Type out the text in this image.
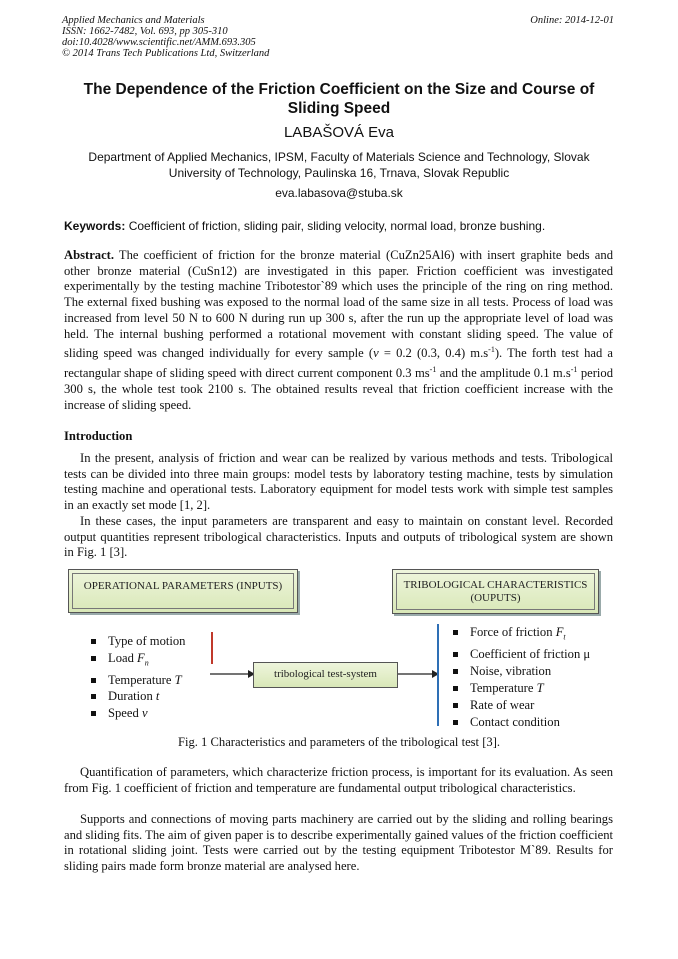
Applied Mechanics and Materials
ISSN: 1662-7482, Vol. 693, pp 305-310
doi:10.4028/www.scientific.net/AMM.693.305
© 2014 Trans Tech Publications Ltd, Switzerland
Online: 2014-12-01
The Dependence of the Friction Coefficient on the Size and Course of Sliding Speed
LABAŠOVÁ Eva
Department of Applied Mechanics, IPSM, Faculty of Materials Science and Technology, Slovak University of Technology, Paulinska 16, Trnava, Slovak Republic
eva.labasova@stuba.sk
Keywords: Coefficient of friction, sliding pair, sliding velocity, normal load, bronze bushing.
Abstract. The coefficient of friction for the bronze material (CuZn25Al6) with insert graphite beds and other bronze material (CuSn12) are investigated in this paper. Friction coefficient was investigated experimentally by the testing machine Tribotestor`89 which uses the principle of the ring on ring method. The external fixed bushing was exposed to the normal load of the same size in all tests. Process of load was increased from level 50 N to 600 N during run up 300 s, after the run up the appropriate level of load was held. The internal bushing performed a rotational movement with constant sliding speed. The value of sliding speed was changed individually for every sample (v = 0.2 (0.3, 0.4) $m.s^{-1}$). The forth test had a rectangular shape of sliding speed with direct current component 0.3 $ms^{-1}$ and the amplitude 0.1 $m.s^{-1}$ period 300 s, the whole test took 2100 s. The obtained results reveal that friction coefficient increase with the increase of sliding speed.
Introduction
In the present, analysis of friction and wear can be realized by various methods and tests. Tribological tests can be divided into three main groups: model tests by laboratory testing machine, tests by simulation testing machine and operational tests. Laboratory equipment for model tests work with simple test samples in an exactly set mode [1, 2].
In these cases, the input parameters are transparent and easy to maintain on constant level. Recorded output quantities represent tribological characteristics. Inputs and outputs of tribological system are shown in Fig. 1 [3].
OPERATIONAL PARAMETERS (INPUTS)	TRIBOLOGICAL CHARACTERISTICS
(OUPUTS)
Type of motion
Load $F_n$
Temperature T
Duration t
Speed v
tribological test-system
Force of friction $F_t$
Coefficient of friction μ
Noise, vibration
Temperature T
Rate of wear
Contact condition
Fig. 1 Characteristics and parameters of the tribological test [3].
Quantification of parameters, which characterize friction process, is important for its evaluation. As seen from Fig. 1 coefficient of friction and temperature are fundamental output tribological characteristics.
Supports and connections of moving parts machinery are carried out by the sliding and rolling bearings and sliding fits. The aim of given paper is to describe experimentally gained values of the friction coefficient in rotational sliding joint. Tests were carried out by the testing equipment Tribotestor M`89. Results for sliding pairs made form bronze material are analysed here.
